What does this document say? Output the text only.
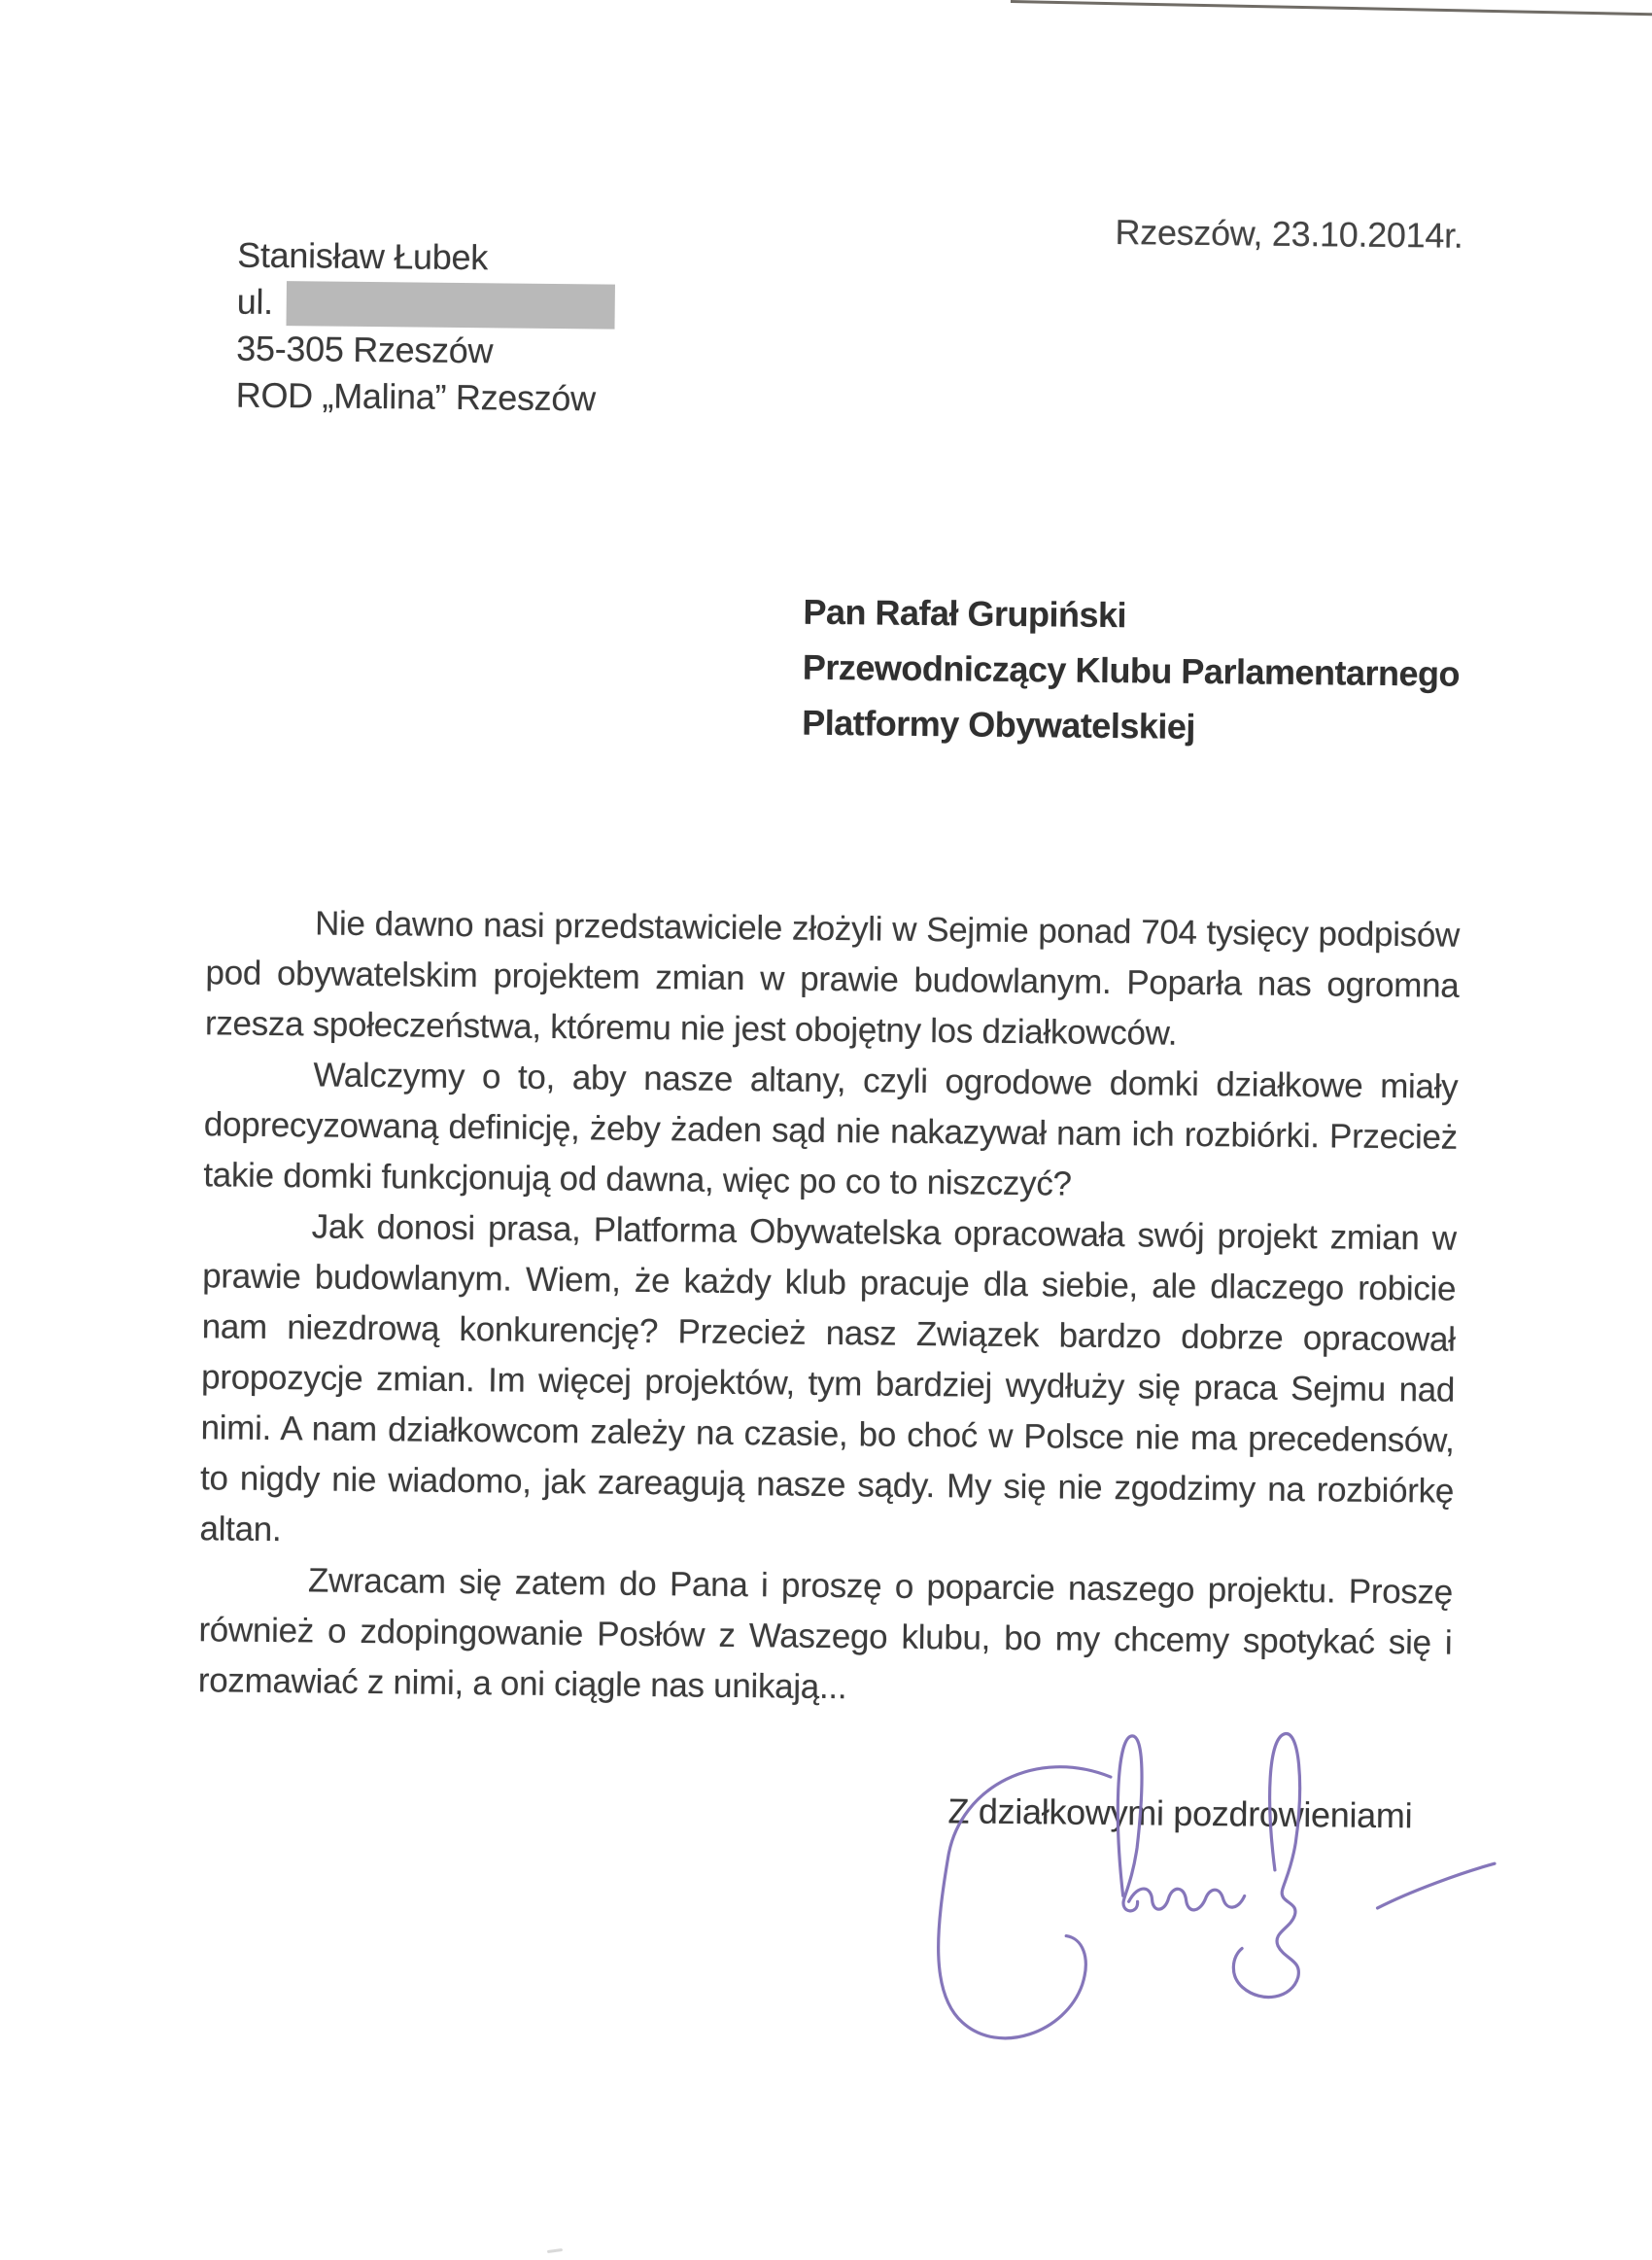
Rzeszów, 23.10.2014r.
Stanisław Łubek
ul.
35-305 Rzeszów
ROD „Malina” Rzeszów
Pan Rafał Grupiński
Przewodniczący Klubu Parlamentarnego
Platformy Obywatelskiej

Nie dawno nasi przedstawiciele złożyli w Sejmie ponad 704 tysięcy podpisów pod obywatelskim projektem zmian w prawie budowlanym. Poparła nas ogromna rzesza społeczeństwa, któremu nie jest obojętny los działkowców.

Walczymy o to, aby nasze altany, czyli ogrodowe domki działkowe miały doprecyzowaną definicję, żeby żaden sąd nie nakazywał nam ich rozbiórki. Przecież takie domki funkcjonują od dawna, więc po co to niszczyć?

Jak donosi prasa, Platforma Obywatelska opracowała swój projekt zmian w prawie budowlanym. Wiem, że każdy klub pracuje dla siebie, ale dlaczego robicie nam niezdrową konkurencję? Przecież nasz Związek bardzo dobrze opracował propozycje zmian. Im więcej projektów, tym bardziej wydłuży się praca Sejmu nad nimi. A nam działkowcom zależy na czasie, bo choć w Polsce nie ma precedensów, to nigdy nie wiadomo, jak zareagują nasze sądy. My się nie zgodzimy na rozbiórkę altan.

Zwracam się zatem do Pana i proszę o poparcie naszego projektu. Proszę również o zdopingowanie Posłów z Waszego klubu, bo my chcemy spotykać się i rozmawiać z nimi, a oni ciągle nas unikają...

Z działkowymi pozdrowieniami
